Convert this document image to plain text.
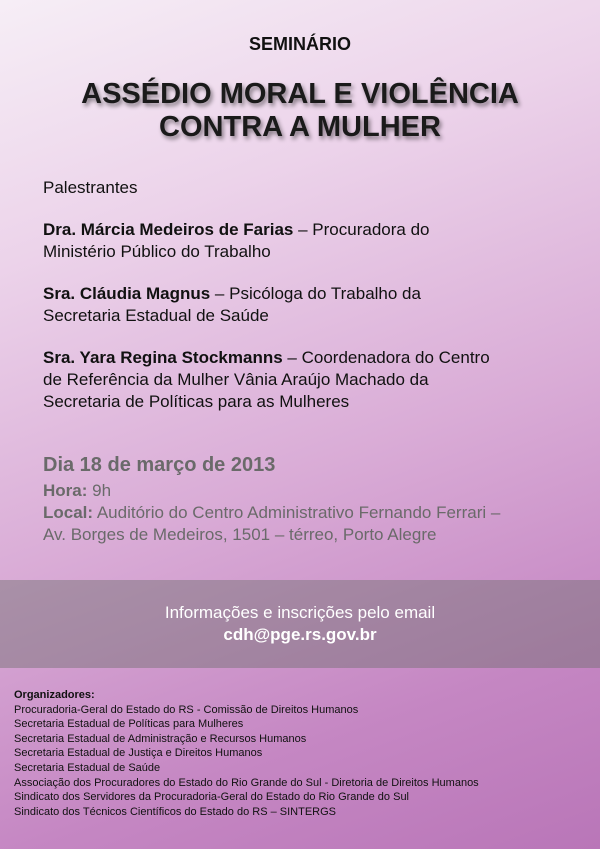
SEMINÁRIO
ASSÉDIO MORAL E VIOLÊNCIA
CONTRA A MULHER
Palestrantes
Dra. Márcia Medeiros de Farias – Procuradora do
Ministério Público do Trabalho
Sra. Cláudia Magnus – Psicóloga do Trabalho da
Secretaria Estadual de Saúde
Sra. Yara Regina Stockmanns – Coordenadora do Centro
de Referência da Mulher Vânia Araújo Machado da
Secretaria de Políticas para as Mulheres
Dia 18 de março de 2013
Hora: 9h
Local: Auditório do Centro Administrativo Fernando Ferrari –
Av. Borges de Medeiros, 1501 – térreo, Porto Alegre
Informações e inscrições pelo email
cdh@pge.rs.gov.br
Organizadores:
Procuradoria-Geral do Estado do RS - Comissão de Direitos Humanos
Secretaria Estadual de Políticas para Mulheres
Secretaria Estadual de Administração e Recursos Humanos
Secretaria Estadual de Justiça e Direitos Humanos
Secretaria Estadual de Saúde
Associação dos Procuradores do Estado do Rio Grande do Sul - Diretoria de Direitos Humanos
Sindicato dos Servidores da Procuradoria-Geral do Estado do Rio Grande do Sul
Sindicato dos Técnicos Científicos do Estado do RS – SINTERGS
